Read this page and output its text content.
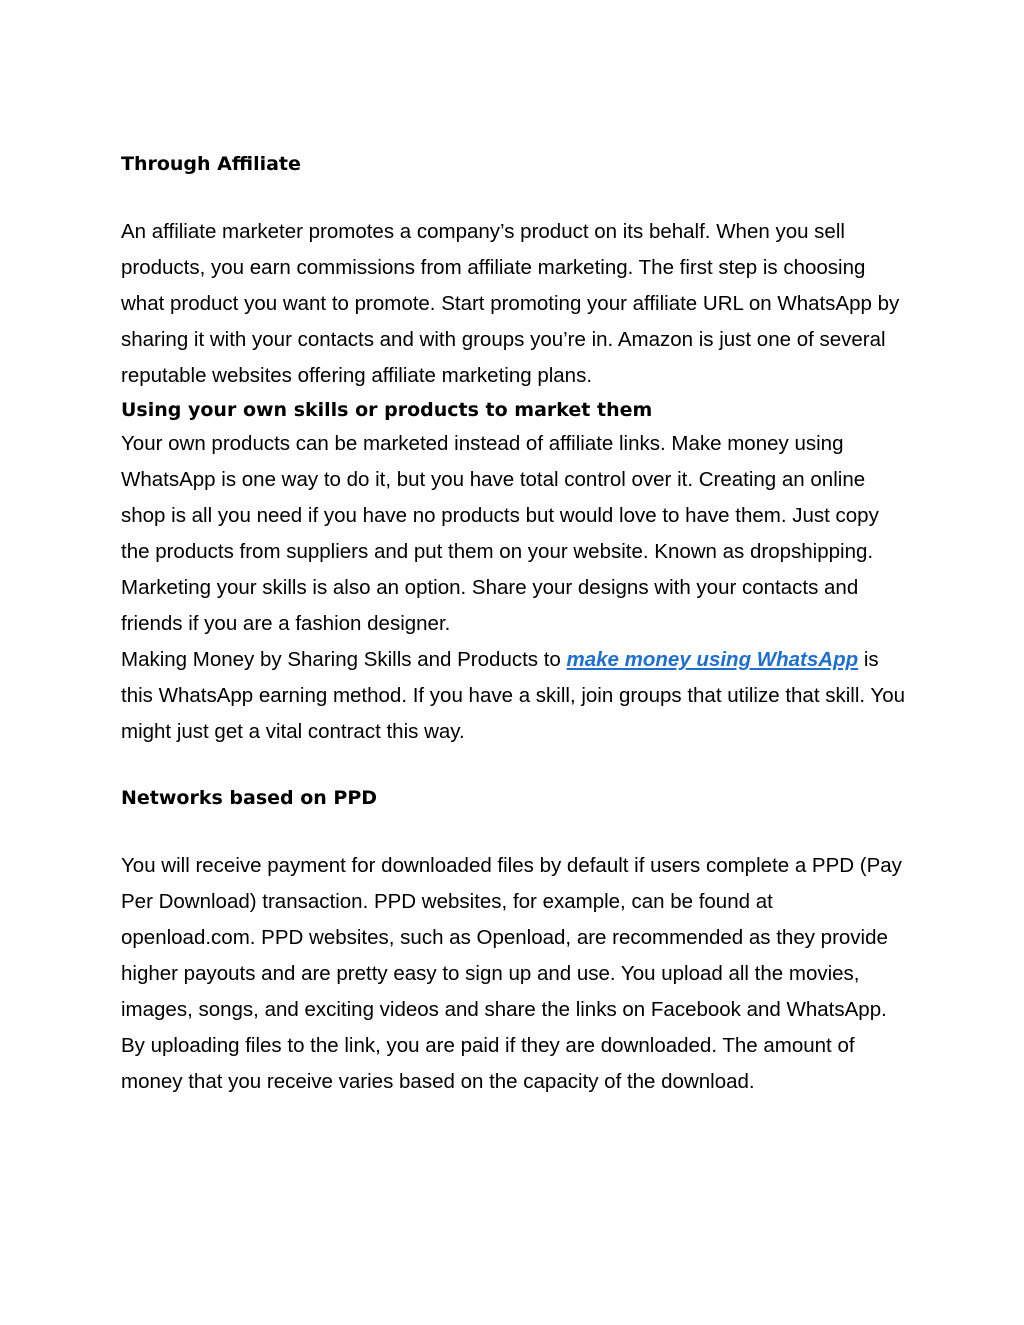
Through Affiliate

An affiliate marketer promotes a company’s product on its behalf. When you sell products, you earn commissions from affiliate marketing. The first step is choosing what product you want to promote. Start promoting your affiliate URL on WhatsApp by sharing it with your contacts and with groups you’re in. Amazon is just one of several reputable websites offering affiliate marketing plans.

Using your own skills or products to market them

Your own products can be marketed instead of affiliate links. Make money using WhatsApp is one way to do it, but you have total control over it. Creating an online shop is all you need if you have no products but would love to have them. Just copy the products from suppliers and put them on your website. Known as dropshipping.

Marketing your skills is also an option. Share your designs with your contacts and friends if you are a fashion designer.

Making Money by Sharing Skills and Products to make money using WhatsApp is this WhatsApp earning method. If you have a skill, join groups that utilize that skill. You might just get a vital contract this way.

Networks based on PPD

You will receive payment for downloaded files by default if users complete a PPD (Pay Per Download) transaction. PPD websites, for example, can be found at openload.com. PPD websites, such as Openload, are recommended as they provide higher payouts and are pretty easy to sign up and use. You upload all the movies, images, songs, and exciting videos and share the links on Facebook and WhatsApp. By uploading files to the link, you are paid if they are downloaded. The amount of money that you receive varies based on the capacity of the download.
